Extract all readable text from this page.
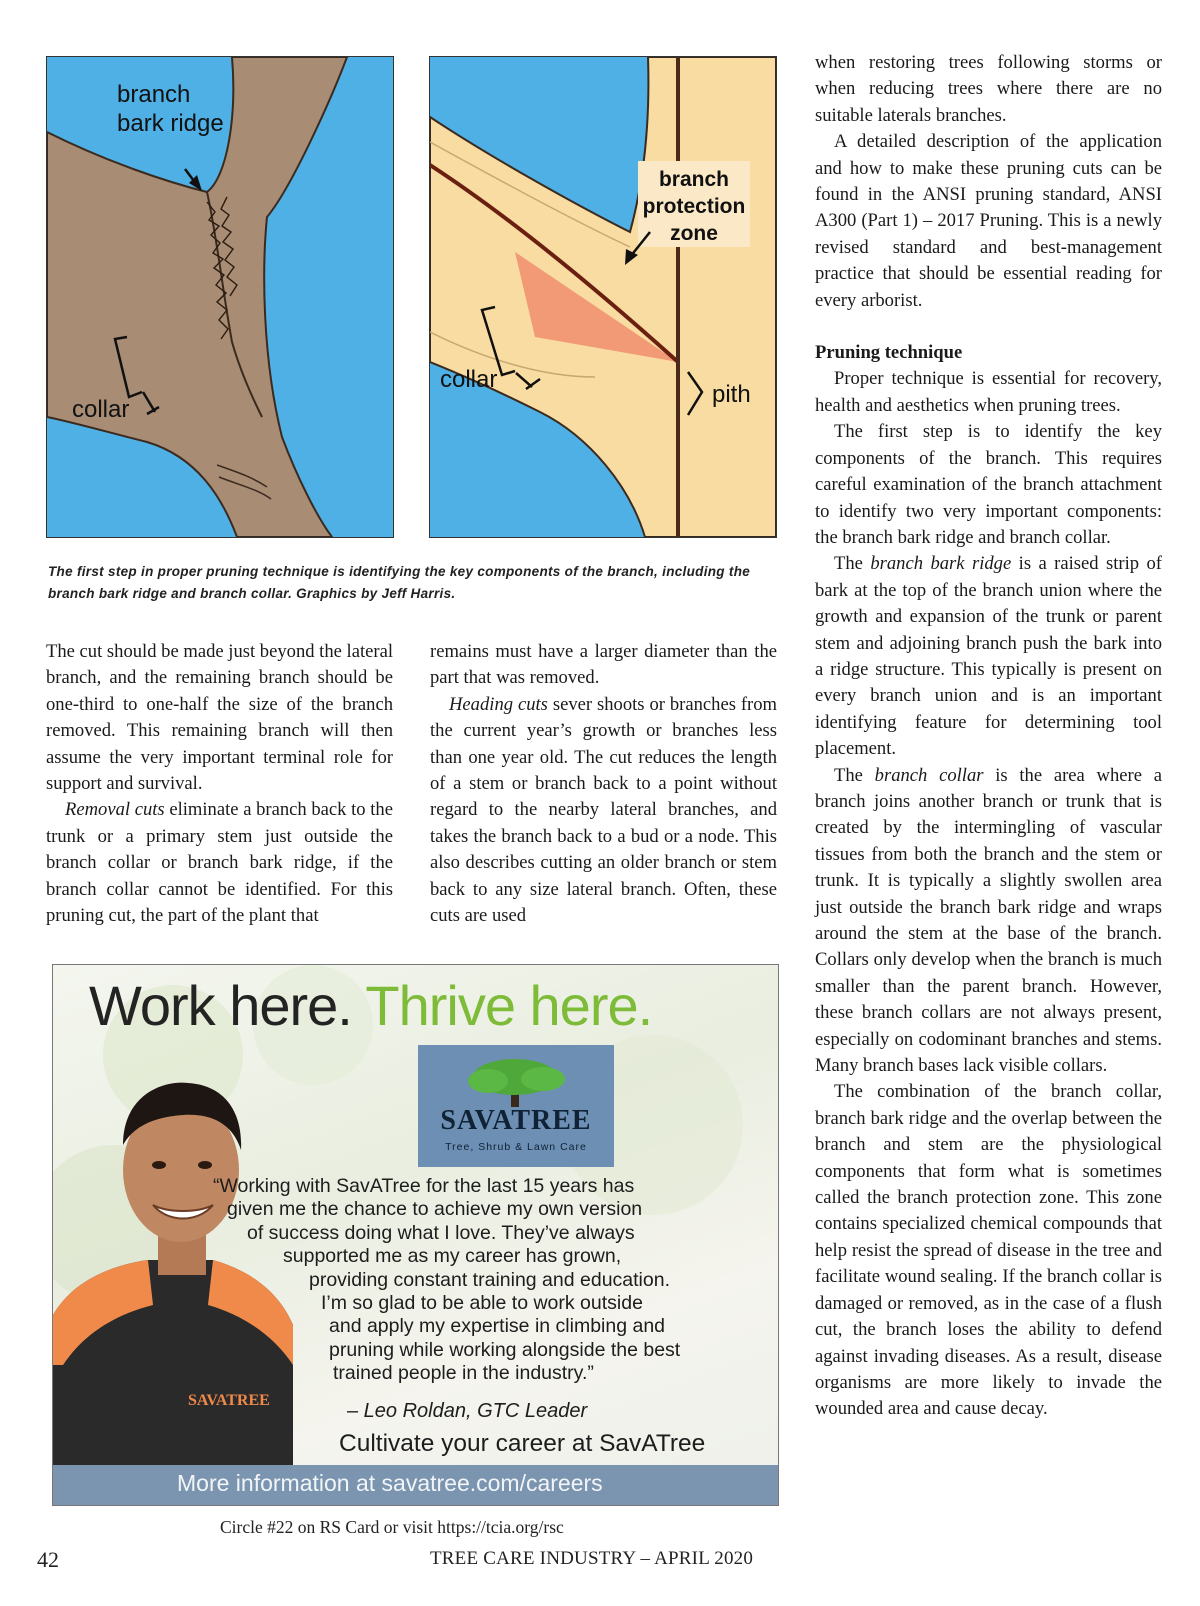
branch
bark ridge
collar
branch
protection
zone
collar
pith
The first step in proper pruning technique is identifying the key components of the branch, including the branch bark ridge and branch collar. Graphics by Jeff Harris.

The cut should be made just beyond the lateral branch, and the remaining branch should be one-third to one-half the size of the branch removed. This remaining branch will then assume the very important terminal role for support and survival.

Removal cuts eliminate a branch back to the trunk or a primary stem just outside the branch collar or branch bark ridge, if the branch collar cannot be identified. For this pruning cut, the part of the plant that

remains must have a larger diameter than the part that was removed.

Heading cuts sever shoots or branches from the current year’s growth or branches less than one year old. The cut reduces the length of a stem or branch back to a point without regard to the nearby lateral branches, and takes the branch back to a bud or a node. This also describes cutting an older branch or stem back to any size lateral branch. Often, these cuts are used

when restoring trees following storms or when reducing trees where there are no suitable laterals branches.

A detailed description of the application and how to make these pruning cuts can be found in the ANSI pruning standard, ANSI A300 (Part 1) – 2017 Pruning. This is a newly revised standard and best-management practice that should be essential reading for every arborist.

Pruning technique

Proper technique is essential for recovery, health and aesthetics when pruning trees.

The first step is to identify the key components of the branch. This requires careful examination of the branch attachment to identify two very important components: the branch bark ridge and branch collar.

The branch bark ridge is a raised strip of bark at the top of the branch union where the growth and expansion of the trunk or parent stem and adjoining branch push the bark into a ridge structure. This typically is present on every branch union and is an important identifying feature for determining tool placement.

The branch collar is the area where a branch joins another branch or trunk that is created by the intermingling of vascular tissues from both the branch and the stem or trunk. It is typically a slightly swollen area just outside the branch bark ridge and wraps around the stem at the base of the branch. Collars only develop when the branch is much smaller than the parent branch. However, these branch collars are not always present, especially on codominant branches and stems. Many branch bases lack visible collars.

The combination of the branch collar, branch bark ridge and the overlap between the branch and stem are the physiological components that form what is sometimes called the branch protection zone. This zone contains specialized chemical compounds that help resist the spread of disease in the tree and facilitate wound sealing. If the branch collar is damaged or removed, as in the case of a flush cut, the branch loses the ability to defend against invading diseases. As a result, disease organisms are more likely to invade the wounded area and cause decay.

SAVATREE
Work here. Thrive here.
SAVATREE
Tree, Shrub & Lawn Care
“Working with SavATree for the last 15 years has
given me the chance to achieve my own version
of success doing what I love. They’ve always
supported me as my career has grown,
providing constant training and education.
I’m so glad to be able to work outside
and apply my expertise in climbing and
pruning while working alongside the best
trained people in the industry.”
– Leo Roldan, GTC Leader
Cultivate your career at SavATree
More information at savatree.com/careers
Circle #22 on RS Card or visit https://tcia.org/rsc
42	TREE CARE INDUSTRY – APRIL 2020
